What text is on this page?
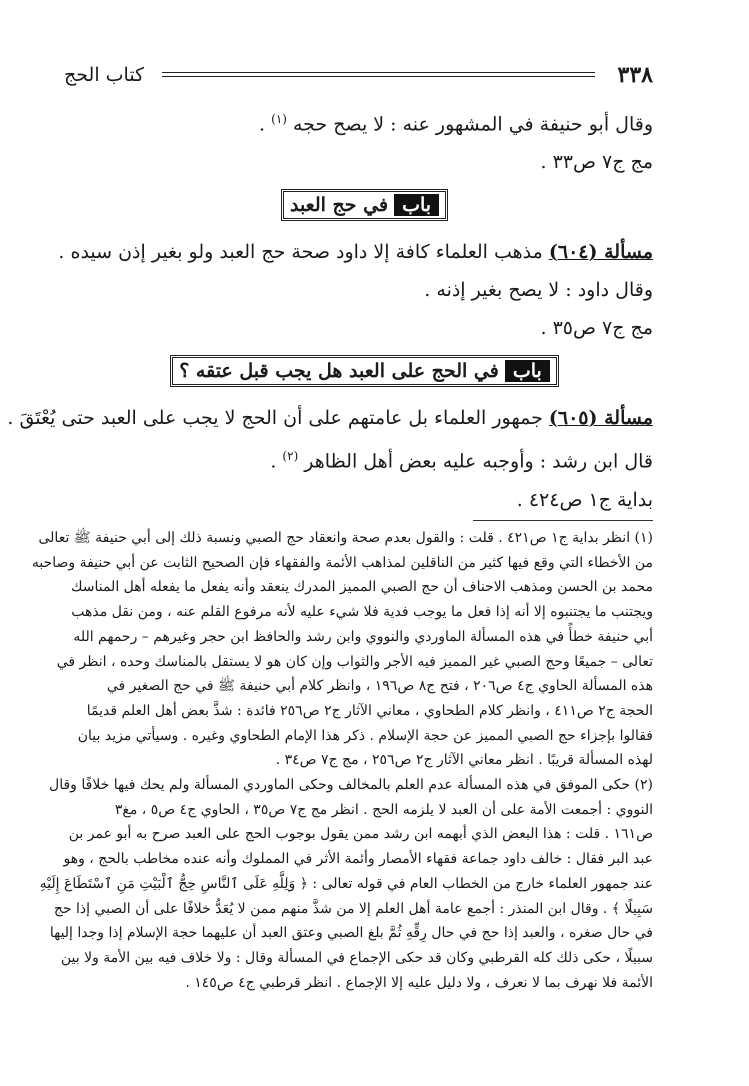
٣٣٨
كتاب الحج
وقال أبو حنيفة في المشهور عنه : لا يصح حجه $^{(١)}$ .
مج ج٧ ص٣٣ .
باب
في حج العبد
مسألة (٦٠٤) مذهب العلماء كافة إلا داود صحة حج العبد ولو بغير إذن سيده .
وقال داود : لا يصح بغير إذنه .
مج ج٧ ص٣٥ .
باب
في الحج على العبد هل يجب قبل عتقه ؟
مسألة (٦٠٥) جمهور العلماء بل عامتهم على أن الحج لا يجب على العبد حتى يُعْتَقَ .
قال ابن رشد : وأوجبه عليه بعض أهل الظاهر $^{(٢)}$ .
بداية ج١ ص٤٢٤ .
(١) انظر بداية ج١ ص٤٢١ . قلت : والقول بعدم صحة وانعقاد حج الصبي ونسبة ذلك إلى أبي حنيفة ﷺ تعالى
من الأخطاء التي وقع فيها كثير من الناقلين لمذاهب الأئمة والفقهاء فإن الصحيح الثابت عن أبي حنيفة وصاحبه
محمد بن الحسن ومذهب الاحناف أن حج الصبي المميز المدرك ينعقد وأنه يفعل ما يفعله أهل المناسك
ويجتنب ما يجتنبوه إلا أنه إذا فعل ما يوجب فدية فلا شيء عليه لأنه مرفوع القلم عنه ، ومن نقل مذهب
أبي حنيفة خطأً في هذه المسألة الماوردي والنووي وابن رشد والحافظ ابن حجر وغيرهم – رحمهم الله
تعالى – جميعًا وحج الصبي غير المميز فيه الأجر والثواب وإن كان هو لا يستقل بالمناسك وحده ، انظر في
هذه المسألة الحاوي ج٤ ص٢٠٦ ، فتح ج٨ ص١٩٦ ، وانظر كلام أبي حنيفة ﷺ في حج الصغير في
الحجة ج٢ ص٤١١ ، وانظر كلام الطحاوي ، معاني الآثار ج٢ ص٢٥٦ فائدة : شذَّ بعض أهل العلم قديمًا
فقالوا بإجزاء حج الصبي المميز عن حجة الإسلام . ذكر هذا الإمام الطحاوي وغيره . وسيأتي مزيد بيان
لهذه المسألة قريبًا . انظر معاني الآثار ج٢ ص٢٥٦ ، مج ج٧ ص٣٤ .
(٢) حكى الموفق في هذه المسألة عدم العلم بالمخالف وحكى الماوردي المسألة ولم يحك فيها خلافًا وقال
النووي : أجمعت الأمة على أن العبد لا يلزمه الحج . انظر مج ج٧ ص٣٥ ، الحاوي ج٤ ص٥ ، مغ٣
ص١٦١ . قلت : هذا البعض الذي أبهمه ابن رشد ممن يقول بوجوب الحج على العبد صرح به أبو عمر بن
عبد البر فقال : خالف داود جماعة فقهاء الأمصار وأئمة الأثر في المملوك وأنه عنده مخاطب بالحج ، وهو
عند جمهور العلماء خارج من الخطاب العام في قوله تعالى : ﴿ وَلِلَّهِ عَلَى ٱلنَّاسِ حِجُّ ٱلْبَيْتِ مَنِ ٱسْتَطَاعَ إِلَيْهِ
سَبِيلًا ﴾ . وقال ابن المنذر : أجمع عامة أهل العلم إلا من شذَّ منهم ممن لا يُعَدُّ خلافًا على أن الصبي إذا حج
في حال صغره ، والعبد إذا حج في حال رِقِّهِ ثُمَّ بلغ الصبي وعتق العبد أن عليهما حجة الإسلام إذا وجدا إليها
سبيلًا ، حكى ذلك كله القرطبي وكان قد حكى الإجماع في المسألة وقال : ولا خلاف فيه بين الأمة ولا بين
الأئمة فلا نهرف بما لا نعرف ، ولا دليل عليه إلا الإجماع . انظر قرطبي ج٤ ص١٤٥ .
